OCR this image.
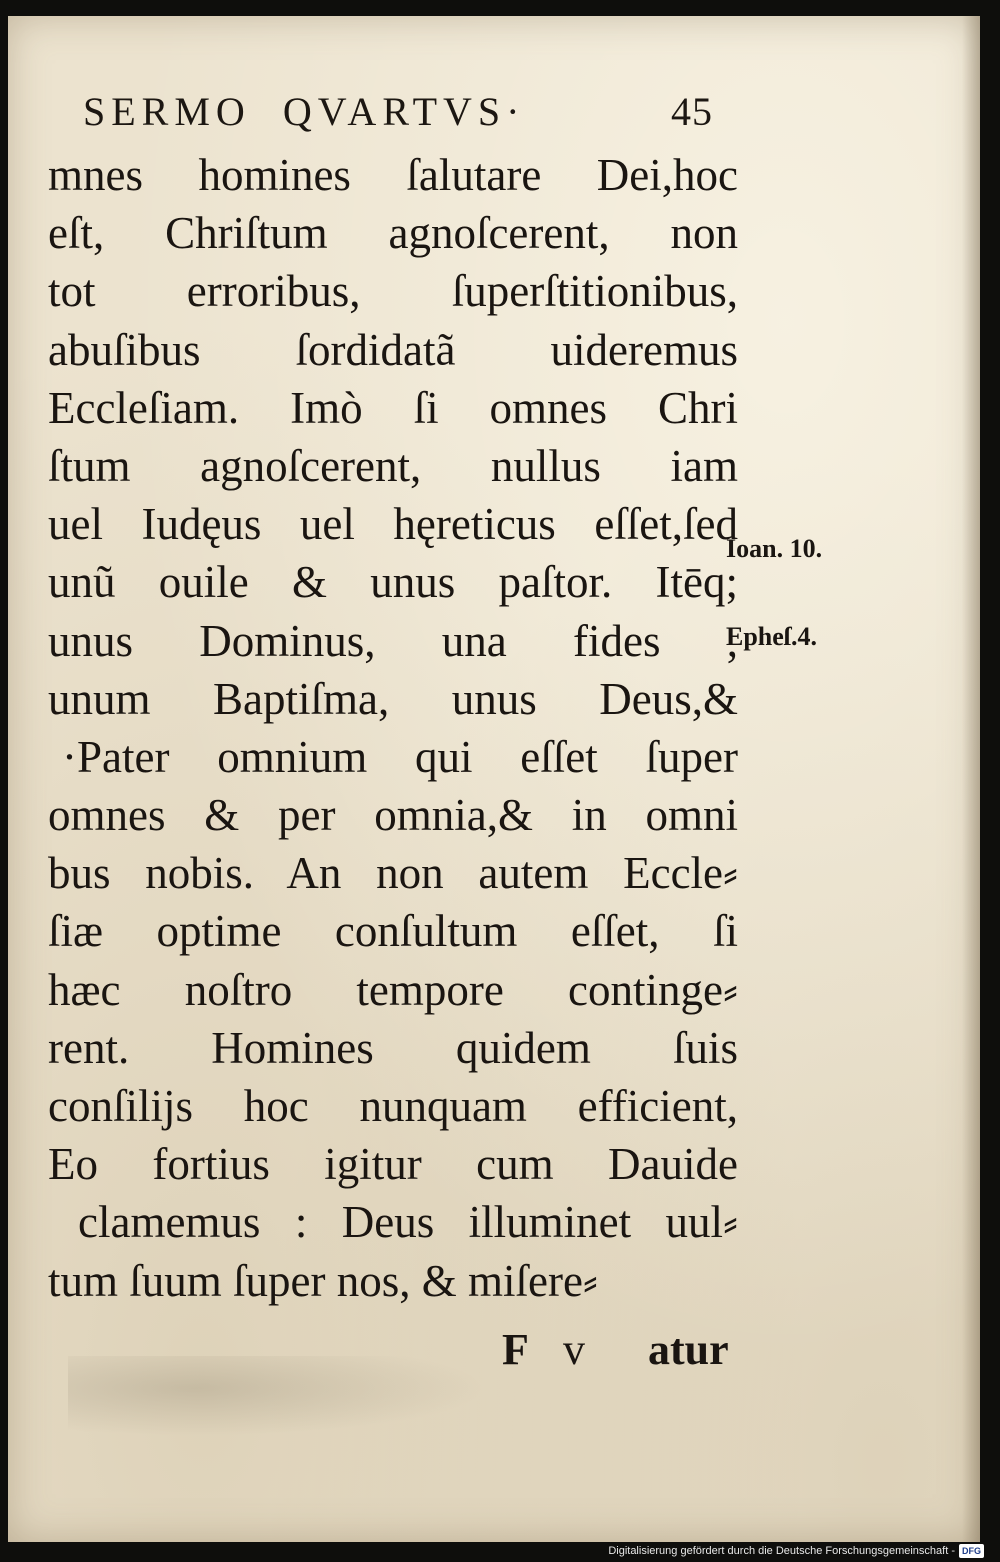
SERMO  QVARTVS·	45
mnes homines ſalutare Dei,hoc
eſt, Chriſtum agnoſcerent, non
tot erroribus, ſuperſtitionibus,
abuſibus ſordidatã uideremus
Eccleſiam. Imò ſi omnes Chri
ſtum agnoſcerent, nullus iam
uel Iudęus uel hęreticus eſſet,ſed
unũ ouile & unus paſtor. Itēq;
unus Dominus, una fides ,
unum Baptiſma, unus Deus,&
·Pater omnium qui eſſet ſuper
omnes & per omnia,& in omni
bus nobis. An non autem Eccle⸗
ſiæ optime conſultum eſſet, ſi
hæc noſtro tempore continge⸗
rent. Homines quidem ſuis
conſilijs hoc nunquam efficient,
Eo fortius igitur cum Dauide
clamemus : Deus illuminet uul⸗
tum ſuum ſuper nos, & miſere⸗
Ioan. 10.
Epheſ.4.
F v atur
Digitalisierung gefördert durch die Deutsche Forschungsgemeinschaft - DFG
